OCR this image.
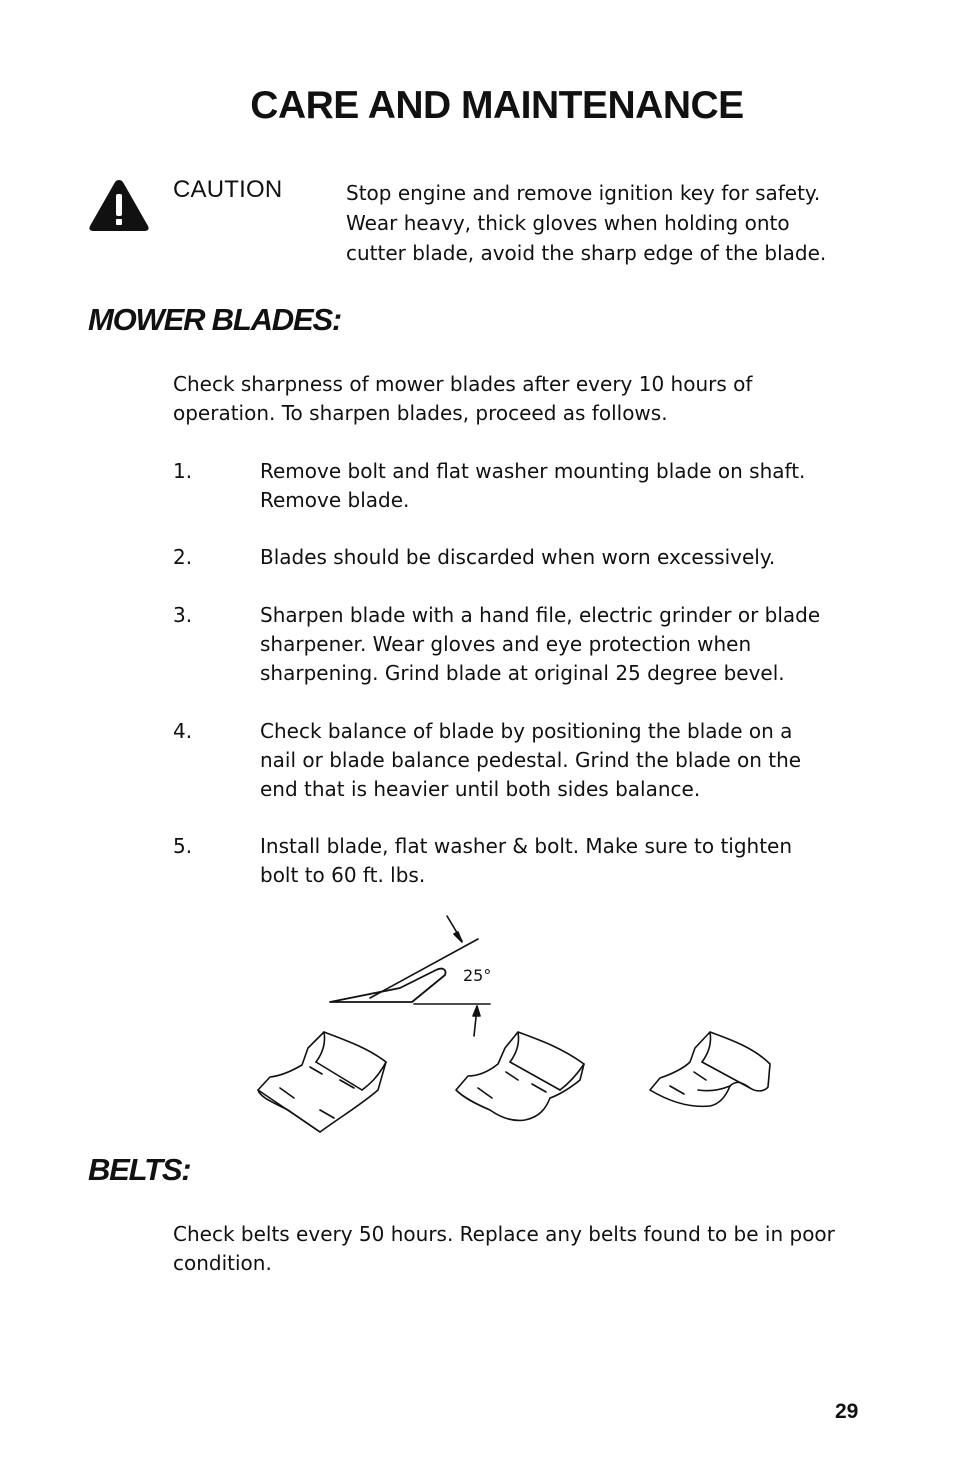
CARE AND MAINTENANCE
CAUTION	Stop engine and remove ignition key for safety.
Wear heavy, thick gloves when holding onto
cutter blade, avoid the sharp edge of the blade.
MOWER BLADES:
Check sharpness of mower blades after every 10 hours of
operation. To sharpen blades, proceed as follows.
1.	Remove bolt and flat washer mounting blade on shaft.
Remove blade.
2.	Blades should be discarded when worn excessively.
3.	Sharpen blade with a hand file, electric grinder or blade
sharpener. Wear gloves and eye protection when
sharpening. Grind blade at original 25 degree bevel.
4.	Check balance of blade by positioning the blade on a
nail or blade balance pedestal. Grind the blade on the
end that is heavier until both sides balance.
5.	Install blade, flat washer & bolt. Make sure to tighten
bolt to 60 ft. lbs.
25°
BELTS:
Check belts every 50 hours. Replace any belts found to be in poor
condition.
29
